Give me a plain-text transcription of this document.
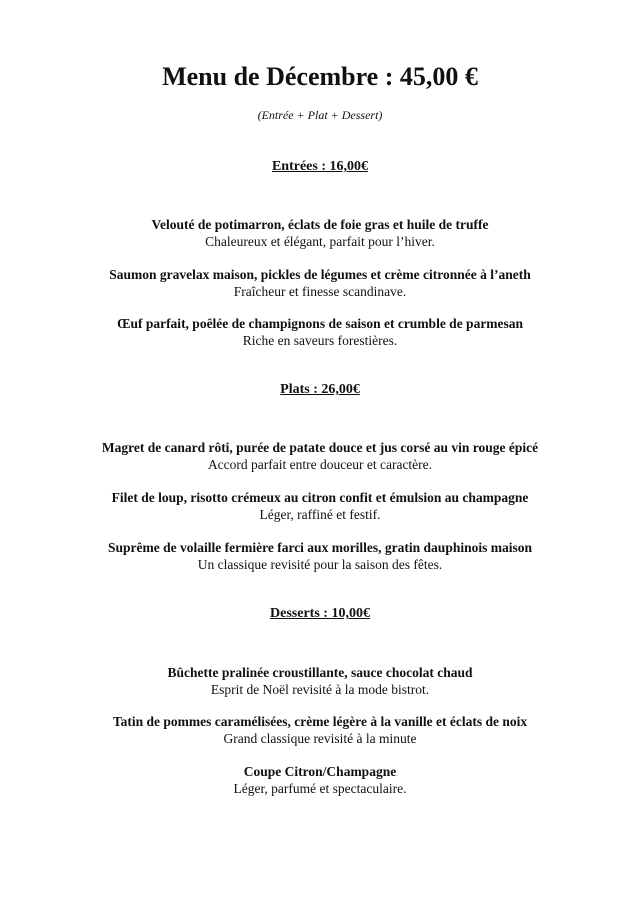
Menu de Décembre : 45,00 €
(Entrée + Plat + Dessert)
Entrées : 16,00€
Velouté de potimarron, éclats de foie gras et huile de truffe
Chaleureux et élégant, parfait pour l’hiver.
Saumon gravelax maison, pickles de légumes et crème citronnée à l’aneth
Fraîcheur et finesse scandinave.
Œuf parfait, poêlée de champignons de saison et crumble de parmesan
Riche en saveurs forestières.
Plats : 26,00€
Magret de canard rôti, purée de patate douce et jus corsé au vin rouge épicé
Accord parfait entre douceur et caractère.
Filet de loup, risotto crémeux au citron confit et émulsion au champagne
Léger, raffiné et festif.
Suprême de volaille fermière farci aux morilles, gratin dauphinois maison
Un classique revisité pour la saison des fêtes.
Desserts : 10,00€
Bûchette pralinée croustillante, sauce chocolat chaud
Esprit de Noël revisité à la mode bistrot.
Tatin de pommes caramélisées, crème légère à la vanille et éclats de noix
Grand classique revisité à la minute
Coupe Citron/Champagne
Léger, parfumé et spectaculaire.
